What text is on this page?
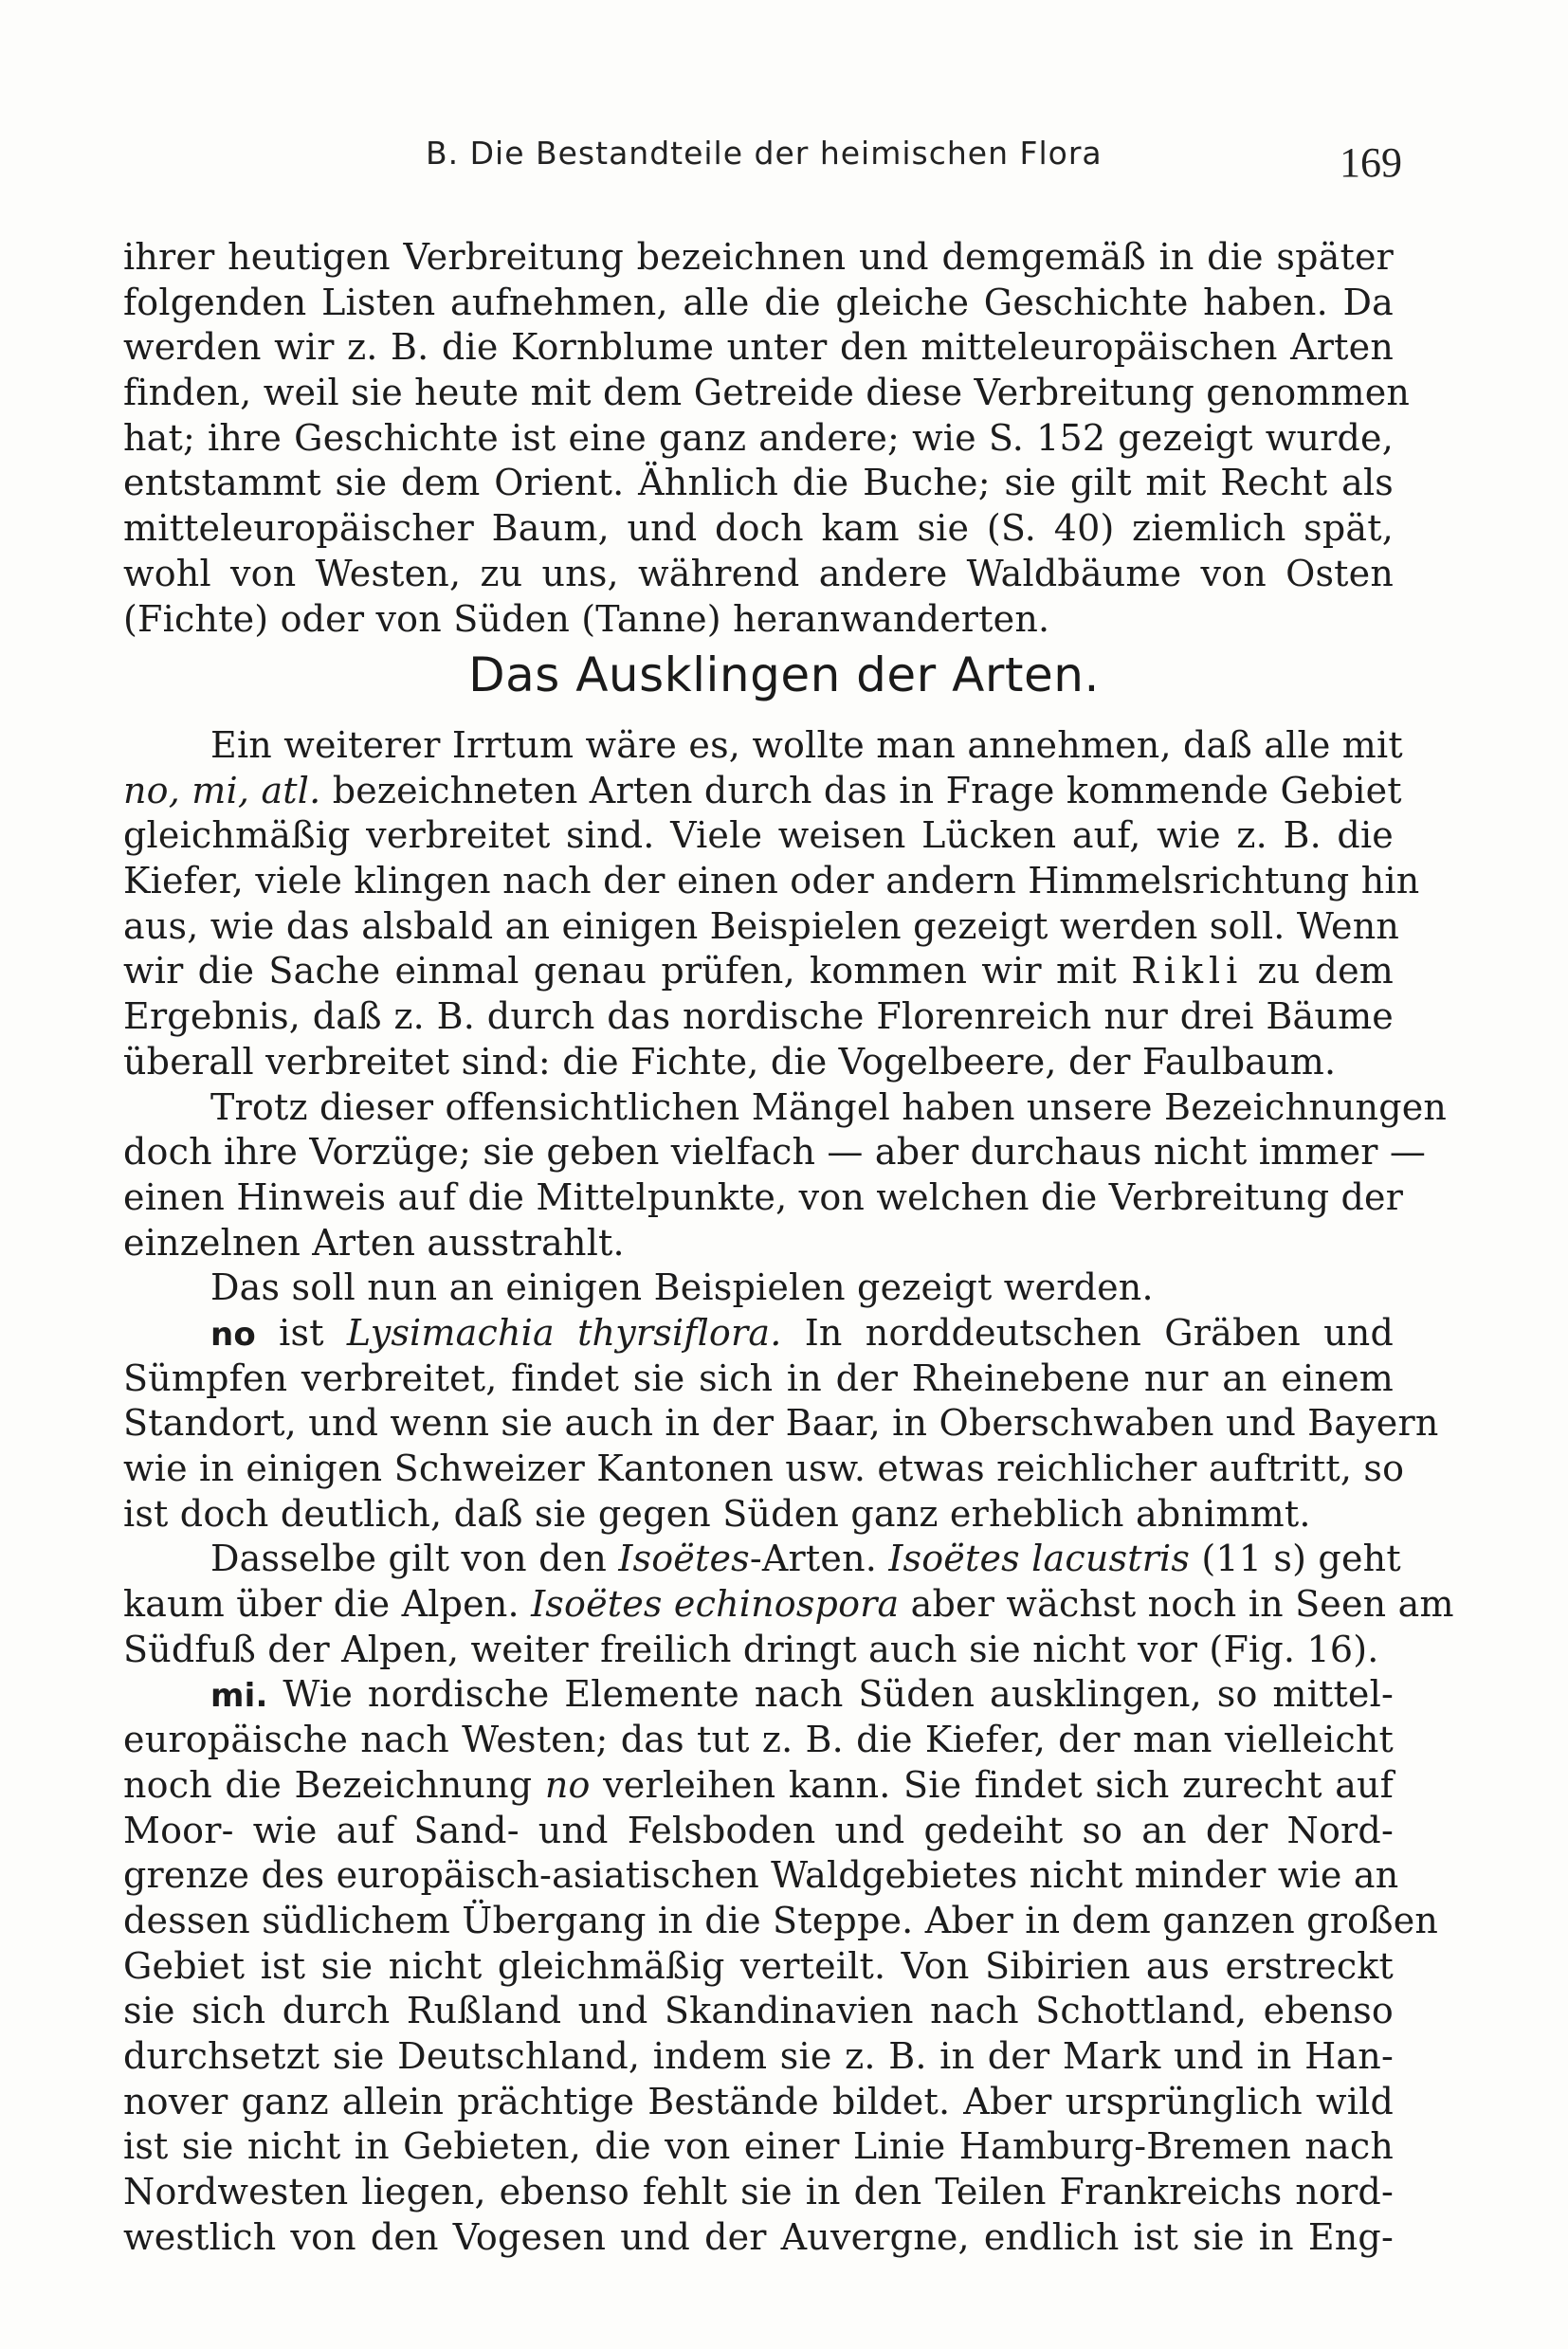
B. Die Bestandteile der heimischen Flora	169
ihrer heutigen Verbreitung bezeichnen und demgemäß in die später
folgenden Listen aufnehmen, alle die gleiche Geschichte haben. Da
werden wir z. B. die Kornblume unter den mitteleuropäischen Arten
finden, weil sie heute mit dem Getreide diese Verbreitung genommen
hat; ihre Geschichte ist eine ganz andere; wie S. 152 gezeigt wurde,
entstammt sie dem Orient. Ähnlich die Buche; sie gilt mit Recht als
mitteleuropäischer Baum, und doch kam sie (S. 40) ziemlich spät,
wohl von Westen, zu uns, während andere Waldbäume von Osten
(Fichte) oder von Süden (Tanne) heranwanderten.
Das Ausklingen der Arten.
Ein weiterer Irrtum wäre es, wollte man annehmen, daß alle mit
no, mi, atl. bezeichneten Arten durch das in Frage kommende Gebiet
gleichmäßig verbreitet sind. Viele weisen Lücken auf, wie z. B. die
Kiefer, viele klingen nach der einen oder andern Himmelsrichtung hin
aus, wie das alsbald an einigen Beispielen gezeigt werden soll. Wenn
wir die Sache einmal genau prüfen, kommen wir mit Rikli zu dem
Ergebnis, daß z. B. durch das nordische Florenreich nur drei Bäume
überall verbreitet sind: die Fichte, die Vogelbeere, der Faulbaum.
Trotz dieser offensichtlichen Mängel haben unsere Bezeichnungen
doch ihre Vorzüge; sie geben vielfach — aber durchaus nicht immer —
einen Hinweis auf die Mittelpunkte, von welchen die Verbreitung der
einzelnen Arten ausstrahlt.
Das soll nun an einigen Beispielen gezeigt werden.
no ist Lysimachia thyrsiflora. In norddeutschen Gräben und
Sümpfen verbreitet, findet sie sich in der Rheinebene nur an einem
Standort, und wenn sie auch in der Baar, in Oberschwaben und Bayern
wie in einigen Schweizer Kantonen usw. etwas reichlicher auftritt, so
ist doch deutlich, daß sie gegen Süden ganz erheblich abnimmt.
Dasselbe gilt von den Isoëtes-Arten. Isoëtes lacustris (11 s) geht
kaum über die Alpen. Isoëtes echinospora aber wächst noch in Seen am
Südfuß der Alpen, weiter freilich dringt auch sie nicht vor (Fig. 16).
mi. Wie nordische Elemente nach Süden ausklingen, so mittel-
europäische nach Westen; das tut z. B. die Kiefer, der man vielleicht
noch die Bezeichnung no verleihen kann. Sie findet sich zurecht auf
Moor- wie auf Sand- und Felsboden und gedeiht so an der Nord-
grenze des europäisch-asiatischen Waldgebietes nicht minder wie an
dessen südlichem Übergang in die Steppe. Aber in dem ganzen großen
Gebiet ist sie nicht gleichmäßig verteilt. Von Sibirien aus erstreckt
sie sich durch Rußland und Skandinavien nach Schottland, ebenso
durchsetzt sie Deutschland, indem sie z. B. in der Mark und in Han-
nover ganz allein prächtige Bestände bildet. Aber ursprünglich wild
ist sie nicht in Gebieten, die von einer Linie Hamburg-Bremen nach
Nordwesten liegen, ebenso fehlt sie in den Teilen Frankreichs nord-
westlich von den Vogesen und der Auvergne, endlich ist sie in Eng-
